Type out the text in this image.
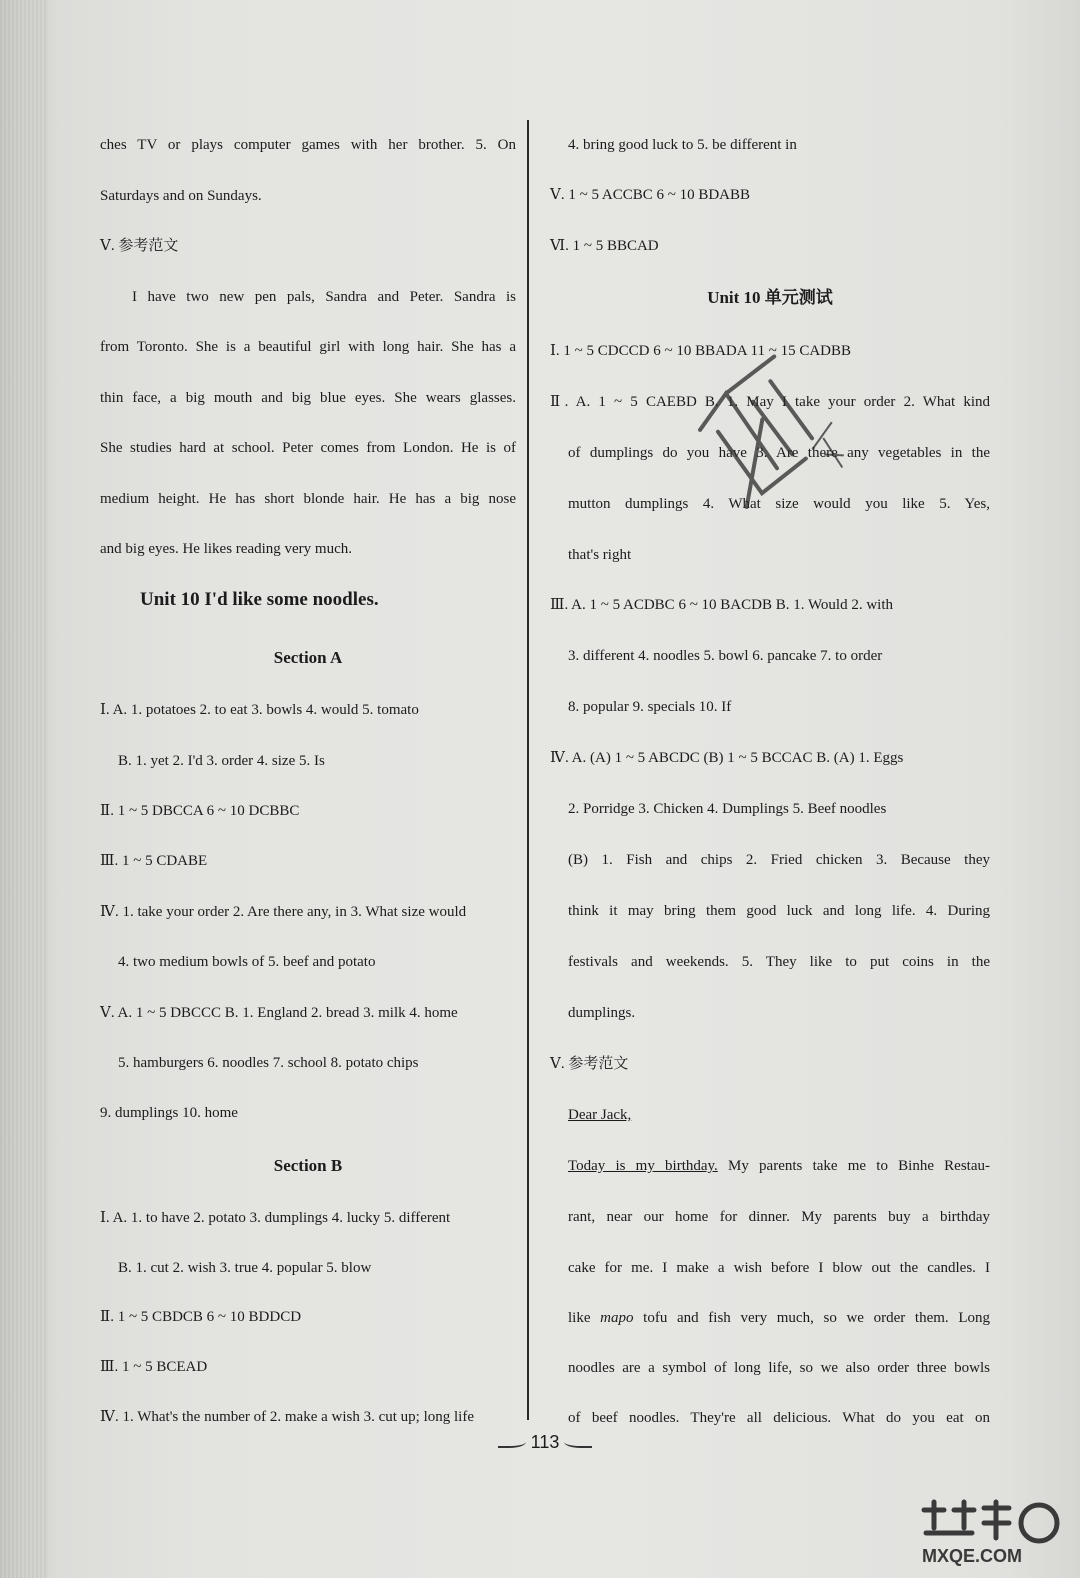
ches TV or plays computer games with her brother. 5. On
Saturdays and on Sundays.
Ⅴ. 参考范文
I have two new pen pals, Sandra and Peter. Sandra is
from Toronto. She is a beautiful girl with long hair. She has a
thin face, a big mouth and big blue eyes. She wears glasses.
She studies hard at school. Peter comes from London. He is of
medium height. He has short blonde hair. He has a big nose
and big eyes. He likes reading very much.
Unit 10 I'd like some noodles.
Section A
Ⅰ. A. 1. potatoes 2. to eat 3. bowls 4. would 5. tomato
B. 1. yet 2. I'd 3. order 4. size 5. Is
Ⅱ. 1 ~ 5 DBCCA 6 ~ 10 DCBBC
Ⅲ. 1 ~ 5 CDABE
Ⅳ. 1. take your order 2. Are there any, in 3. What size would
4. two medium bowls of 5. beef and potato
Ⅴ. A. 1 ~ 5 DBCCC B. 1. England 2. bread 3. milk 4. home
5. hamburgers 6. noodles 7. school 8. potato chips
9. dumplings 10. home
Section B
Ⅰ. A. 1. to have 2. potato 3. dumplings 4. lucky 5. different
B. 1. cut 2. wish 3. true 4. popular 5. blow
Ⅱ. 1 ~ 5 CBDCB 6 ~ 10 BDDCD
Ⅲ. 1 ~ 5 BCEAD
Ⅳ. 1. What's the number of 2. make a wish 3. cut up; long life
4. bring good luck to 5. be different in
Ⅴ. 1 ~ 5 ACCBC 6 ~ 10 BDABB
Ⅵ. 1 ~ 5 BBCAD
Unit 10 单元测试
Ⅰ. 1 ~ 5 CDCCD 6 ~ 10 BBADA 11 ~ 15 CADBB
Ⅱ. A. 1 ~ 5 CAEBD B. 1. May I take your order 2. What kind
of dumplings do you have 3. Are there any vegetables in the
mutton dumplings 4. What size would you like 5. Yes,
that's right
Ⅲ. A. 1 ~ 5 ACDBC 6 ~ 10 BACDB B. 1. Would 2. with
3. different 4. noodles 5. bowl 6. pancake 7. to order
8. popular 9. specials 10. If
Ⅳ. A. (A) 1 ~ 5 ABCDC (B) 1 ~ 5 BCCAC B. (A) 1. Eggs
2. Porridge 3. Chicken 4. Dumplings 5. Beef noodles
(B) 1. Fish and chips 2. Fried chicken 3. Because they
think it may bring them good luck and long life. 4. During
festivals and weekends. 5. They like to put coins in the
dumplings.
Ⅴ. 参考范文
Dear Jack,
Today is my birthday. My parents take me to Binhe Restau-
rant, near our home for dinner. My parents buy a birthday
cake for me. I make a wish before I blow out the candles. I
like mapo tofu and fish very much, so we order them. Long
noodles are a symbol of long life, so we also order three bowls
of beef noodles. They're all delicious. What do you eat on
113
MXQE.COM
